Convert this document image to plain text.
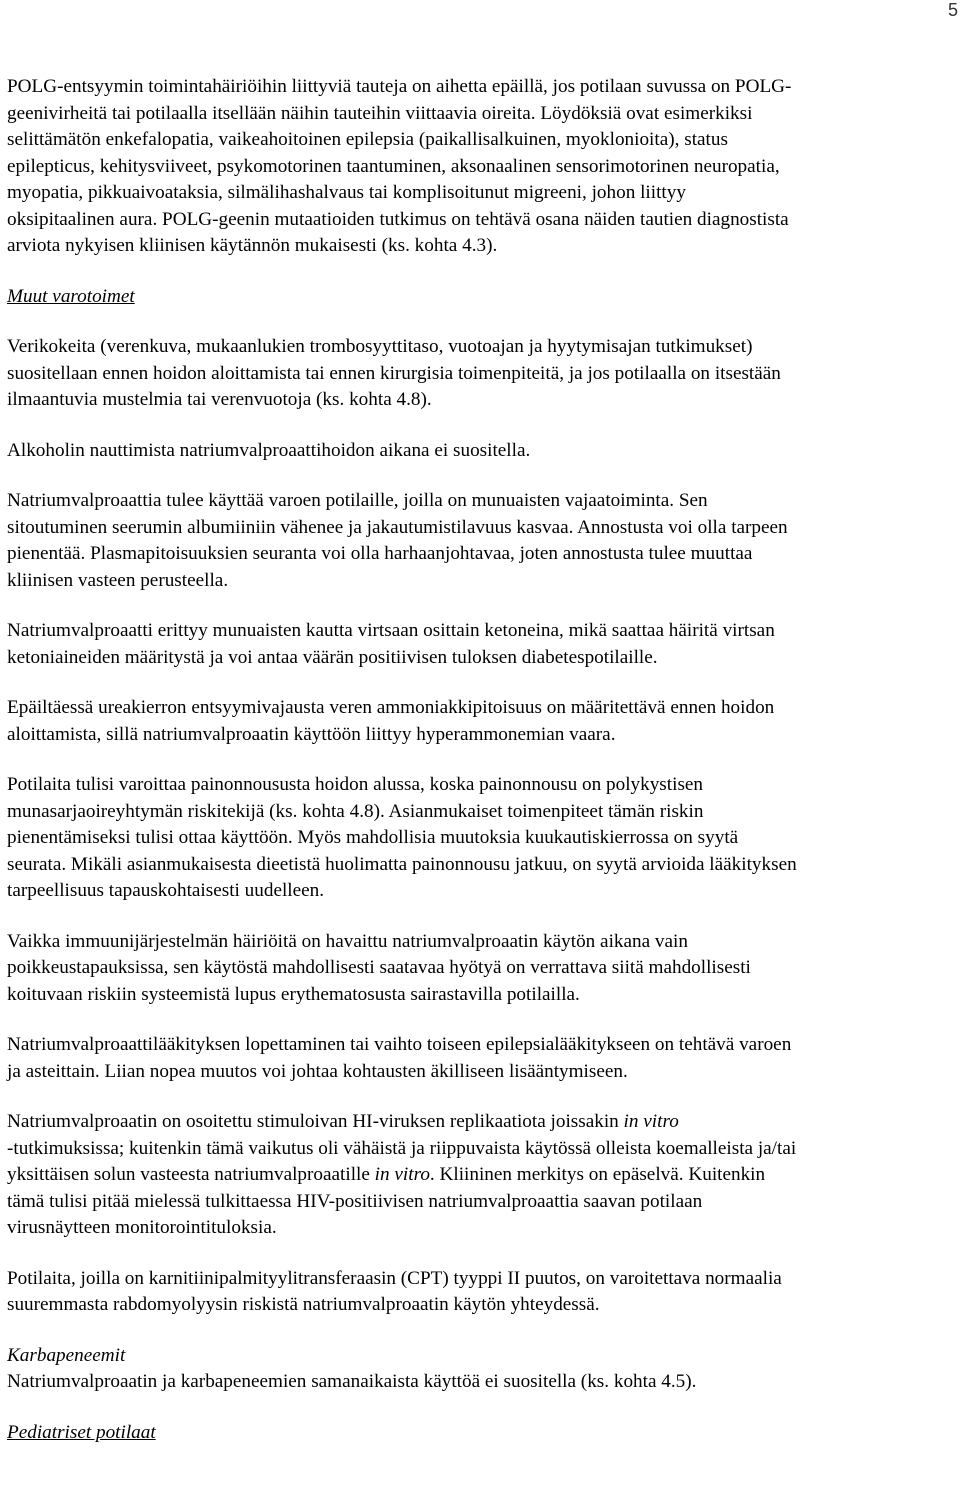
5
POLG-entsyymin toimintahäiriöihin liittyviä tauteja on aihetta epäillä, jos potilaan suvussa on POLG-
geenivirheitä tai potilaalla itsellään näihin tauteihin viittaavia oireita. Löydöksiä ovat esimerkiksi
selittämätön enkefalopatia, vaikeahoitoinen epilepsia (paikallisalkuinen, myoklonioita), status
epilepticus, kehitysviiveet, psykomotorinen taantuminen, aksonaalinen sensorimotorinen neuropatia,
myopatia, pikkuaivoataksia, silmälihashalvaus tai komplisoitunut migreeni, johon liittyy
oksipitaalinen aura. POLG-geenin mutaatioiden tutkimus on tehtävä osana näiden tautien diagnostista
arviota nykyisen kliinisen käytännön mukaisesti (ks. kohta 4.3).
Muut varotoimet
Verikokeita (verenkuva, mukaanlukien trombosyyttitaso, vuotoajan ja hyytymisajan tutkimukset)
suositellaan ennen hoidon aloittamista tai ennen kirurgisia toimenpiteitä, ja jos potilaalla on itsestään
ilmaantuvia mustelmia tai verenvuotoja (ks. kohta 4.8).
Alkoholin nauttimista natriumvalproaattihoidon aikana ei suositella.
Natriumvalproaattia tulee käyttää varoen potilaille, joilla on munuaisten vajaatoiminta. Sen
sitoutuminen seerumin albumiiniin vähenee ja jakautumistilavuus kasvaa. Annostusta voi olla tarpeen
pienentää. Plasmapitoisuuksien seuranta voi olla harhaanjohtavaa, joten annostusta tulee muuttaa
kliinisen vasteen perusteella.
Natriumvalproaatti erittyy munuaisten kautta virtsaan osittain ketoneina, mikä saattaa häiritä virtsan
ketoniaineiden määritystä ja voi antaa väärän positiivisen tuloksen diabetespotilaille.
Epäiltäessä ureakierron entsyymivajausta veren ammoniakkipitoisuus on määritettävä ennen hoidon
aloittamista, sillä natriumvalproaatin käyttöön liittyy hyperammonemian vaara.
Potilaita tulisi varoittaa painonnoususta hoidon alussa, koska painonnousu on polykystisen
munasarjaoireyhtymän riskitekijä (ks. kohta 4.8). Asianmukaiset toimenpiteet tämän riskin
pienentämiseksi tulisi ottaa käyttöön. Myös mahdollisia muutoksia kuukautiskierrossa on syytä
seurata. Mikäli asianmukaisesta dieetistä huolimatta painonnousu jatkuu, on syytä arvioida lääkityksen
tarpeellisuus tapauskohtaisesti uudelleen.
Vaikka immuunijärjestelmän häiriöitä on havaittu natriumvalproaatin käytön aikana vain
poikkeustapauksissa, sen käytöstä mahdollisesti saatavaa hyötyä on verrattava siitä mahdollisesti
koituvaan riskiin systeemistä lupus erythematosusta sairastavilla potilailla.
Natriumvalproaattilääkityksen lopettaminen tai vaihto toiseen epilepsialääkitykseen on tehtävä varoen
ja asteittain. Liian nopea muutos voi johtaa kohtausten äkilliseen lisääntymiseen.
Natriumvalproaatin on osoitettu stimuloivan HI-viruksen replikaatiota joissakin in vitro
-tutkimuksissa; kuitenkin tämä vaikutus oli vähäistä ja riippuvaista käytössä olleista koemalleista ja/tai
yksittäisen solun vasteesta natriumvalproaatille in vitro. Kliininen merkitys on epäselvä. Kuitenkin
tämä tulisi pitää mielessä tulkittaessa HIV-positiivisen natriumvalproaattia saavan potilaan
virusnäytteen monitorointituloksia.
Potilaita, joilla on karnitiinipalmityylitransferaasin (CPT) tyyppi II puutos, on varoitettava normaalia
suuremmasta rabdomyolyysin riskistä natriumvalproaatin käytön yhteydessä.
Karbapeneemit
Natriumvalproaatin ja karbapeneemien samanaikaista käyttöä ei suositella (ks. kohta 4.5).
Pediatriset potilaat
